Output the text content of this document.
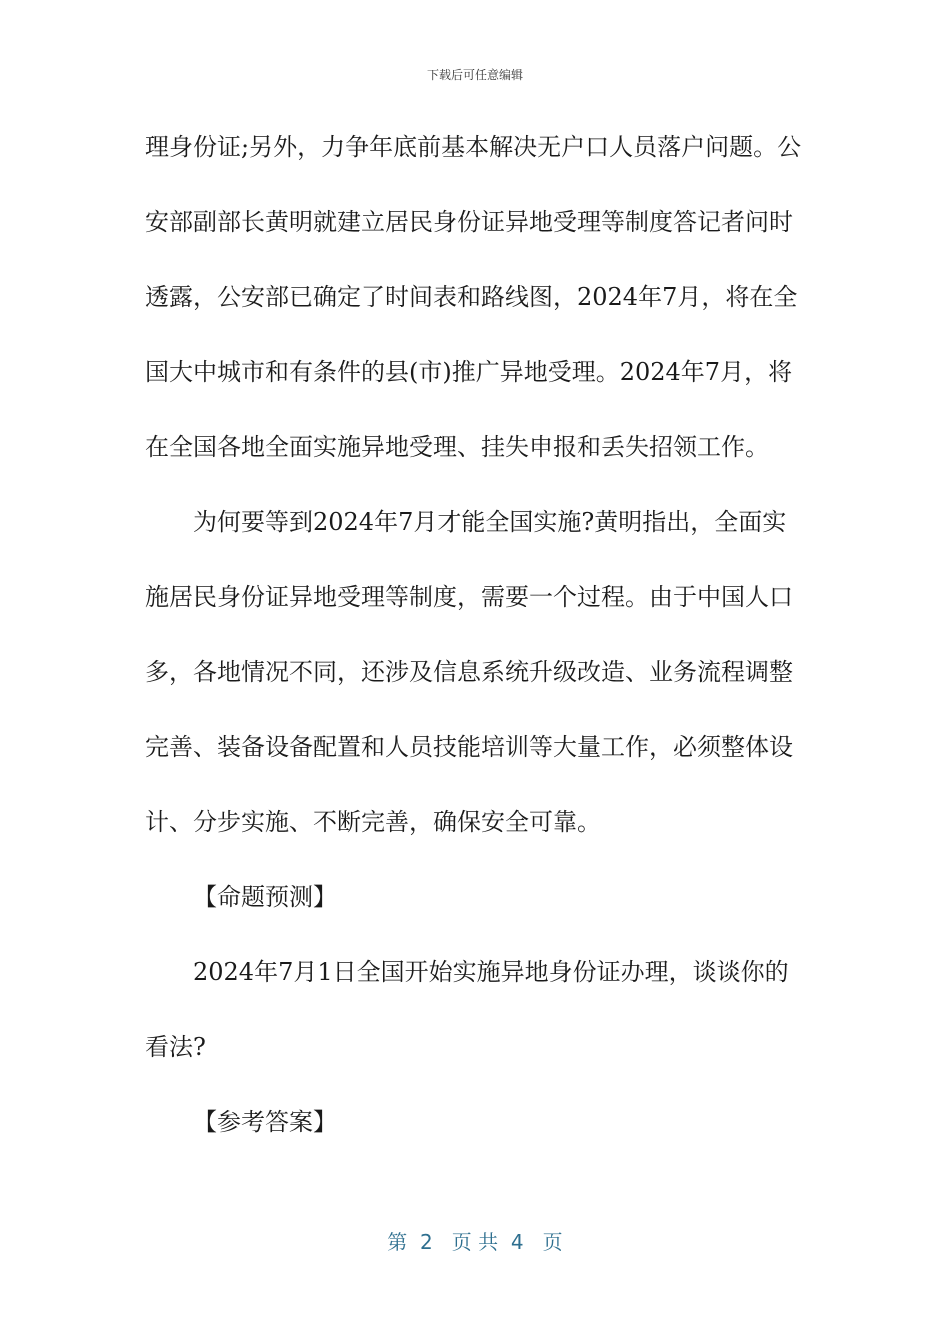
下载后可任意编辑
理身份证;另外，力争年底前基本解决无户口人员落户问题。公
安部副部长黄明就建立居民身份证异地受理等制度答记者问时
透露，公安部已确定了时间表和路线图，2024年7月，将在全
国大中城市和有条件的县(市)推广异地受理。2024年7月，将
在全国各地全面实施异地受理、挂失申报和丢失招领工作。
为何要等到2024年7月才能全国实施?黄明指出，全面实
施居民身份证异地受理等制度，需要一个过程。由于中国人口
多，各地情况不同，还涉及信息系统升级改造、业务流程调整
完善、装备设备配置和人员技能培训等大量工作，必须整体设
计、分步实施、不断完善，确保安全可靠。
【命题预测】
2024年7月1日全国开始实施异地身份证办理，谈谈你的
看法?
【参考答案】
第  2   页 共  4   页
